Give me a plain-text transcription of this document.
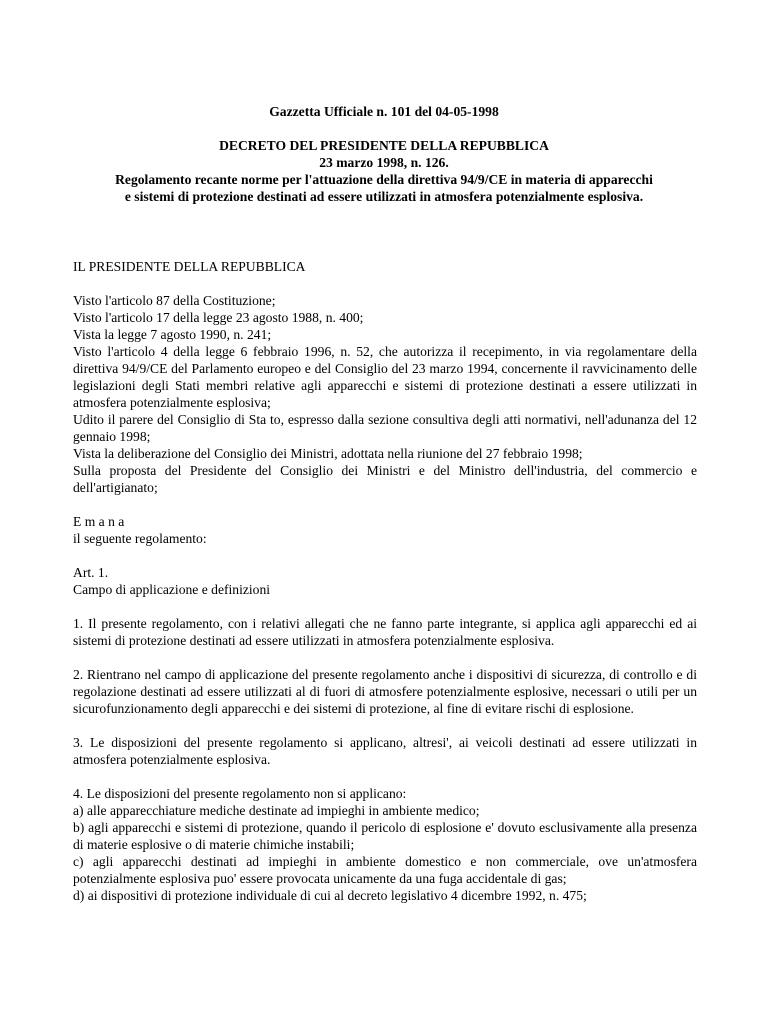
Gazzetta Ufficiale n. 101 del 04-05-1998
DECRETO DEL PRESIDENTE DELLA REPUBBLICA
23 marzo 1998, n. 126.
Regolamento recante norme per l'attuazione della direttiva 94/9/CE in materia di apparecchi
e sistemi di protezione destinati ad essere utilizzati in atmosfera potenzialmente esplosiva.

IL PRESIDENTE DELLA REPUBBLICA

Visto l'articolo 87 della Costituzione;

Visto l'articolo 17 della legge 23 agosto 1988, n. 400;

Vista la legge 7 agosto 1990, n. 241;

Visto l'articolo 4 della legge 6 febbraio 1996, n. 52, che autorizza il recepimento, in via regolamentare della direttiva 94/9/CE del Parlamento europeo e del Consiglio del 23 marzo 1994, concernente il ravvicinamento delle legislazioni degli Stati membri relative agli apparecchi e sistemi di protezione destinati a essere utilizzati in atmosfera potenzialmente esplosiva;

Udito il parere del Consiglio di Sta to, espresso dalla sezione consultiva degli atti normativi, nell'adunanza del 12 gennaio 1998;

Vista la deliberazione del Consiglio dei Ministri, adottata nella riunione del 27 febbraio 1998;

Sulla proposta del Presidente del Consiglio dei Ministri e del Ministro dell'industria, del commercio e dell'artigianato;

E m a n a

il seguente regolamento:

Art. 1.

Campo di applicazione e definizioni

1. Il presente regolamento, con i relativi allegati che ne fanno parte integrante, si applica agli apparecchi ed ai sistemi di protezione destinati ad essere utilizzati in atmosfera potenzialmente esplosiva.

2. Rientrano nel campo di applicazione del presente regolamento anche i dispositivi di sicurezza, di controllo e di regolazione destinati ad essere utilizzati al di fuori di atmosfere potenzialmente esplosive, necessari o utili per un sicurofunzionamento degli apparecchi e dei sistemi di protezione, al fine di evitare rischi di esplosione.

3. Le disposizioni del presente regolamento si applicano, altresi', ai veicoli destinati ad essere utilizzati in atmosfera potenzialmente esplosiva.

4. Le disposizioni del presente regolamento non si applicano:

a) alle apparecchiature mediche destinate ad impieghi in ambiente medico;

b) agli apparecchi e sistemi di protezione, quando il pericolo di esplosione e' dovuto esclusivamente alla presenza di materie esplosive o di materie chimiche instabili;

c) agli apparecchi destinati ad impieghi in ambiente domestico e non commerciale, ove un'atmosfera potenzialmente esplosiva puo' essere provocata unicamente da una fuga accidentale di gas;

d) ai dispositivi di protezione individuale di cui al decreto legislativo 4 dicembre 1992, n. 475;
